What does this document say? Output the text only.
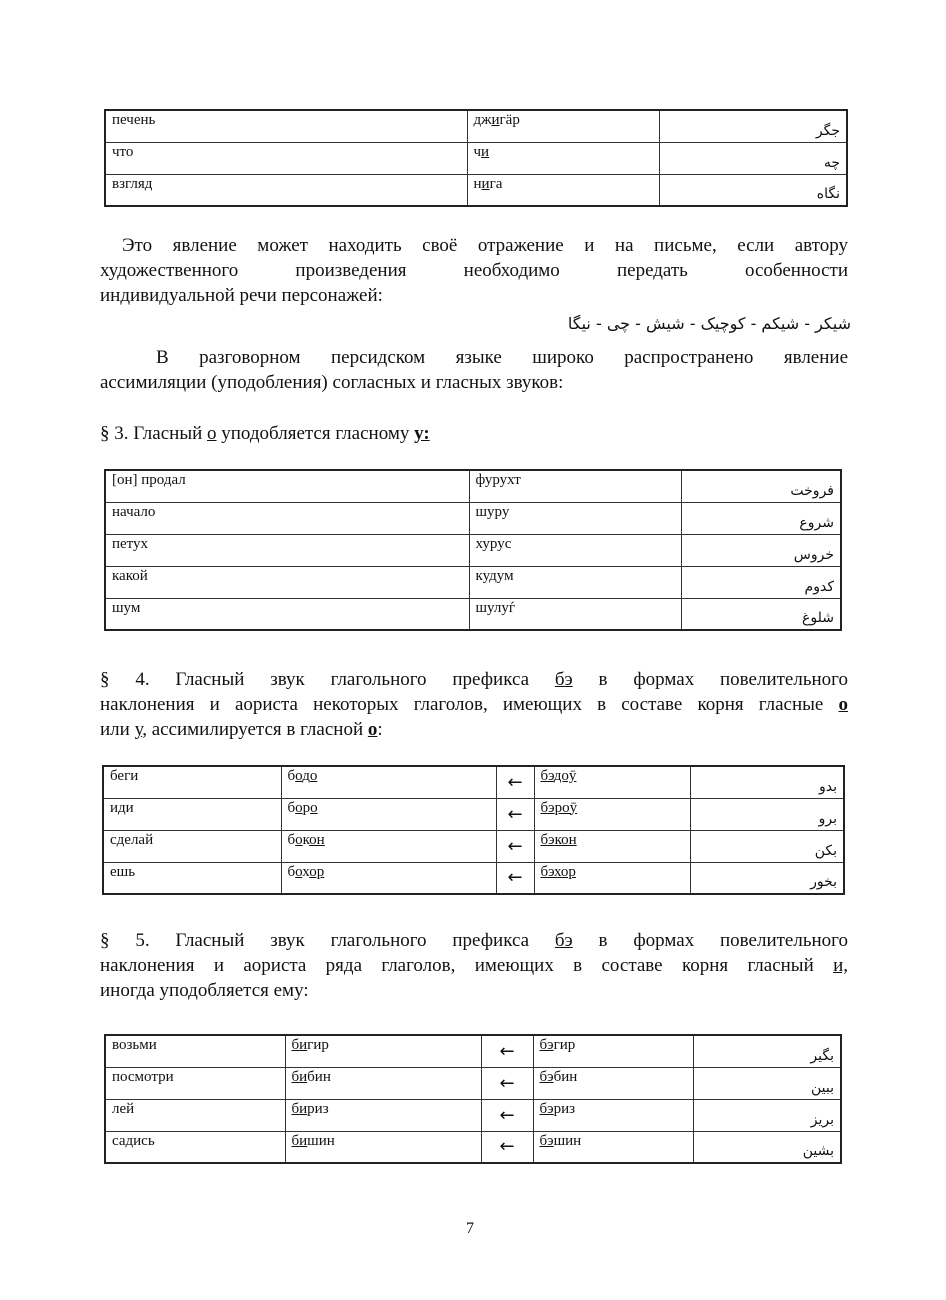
печень	джигäр	جگر
что	чи	چه
взгляд	нига	نگاه
Это явление может находить своё отражение и на письме, если автору
художественного произведения необходимо передать особенности
индивидуальной речи персонажей:
شیکر - شیکم - کوچیک - شیش - چی - نیگا
В разговорном персидском языке широко распространено явление
ассимиляции (уподобления) согласных и гласных звуков:
§ 3. Гласный о уподобляется гласному у:
[он] продал	фурухт	فروخت
начало	шуру	شروع
петух	хурус	خروس
какой	кудум	کدوم
шум	шулуѓ	شلوغ
§ 4. Гласный звук глагольного префикса бэ в формах повелительного
наклонения и аориста некоторых глаголов, имеющих в составе корня гласные о
или у, ассимилируется в гласной о:
беги	бодо	←	бэдоӯ	بدو
иди	боро	←	бэроӯ	برو
сделай	бокон	←	бэкон	بکن
ешь	бохор	←	бэхор	بخور
§ 5. Гласный звук глагольного префикса бэ в формах повелительного
наклонения и аориста ряда глаголов, имеющих в составе корня гласный и,
иногда уподобляется ему:
возьми	бигир	←	бэгир	بگیر
посмотри	бибин	←	бэбин	ببین
лей	бириз	←	бэриз	بریز
садись	бишин	←	бэшин	بشین
7
